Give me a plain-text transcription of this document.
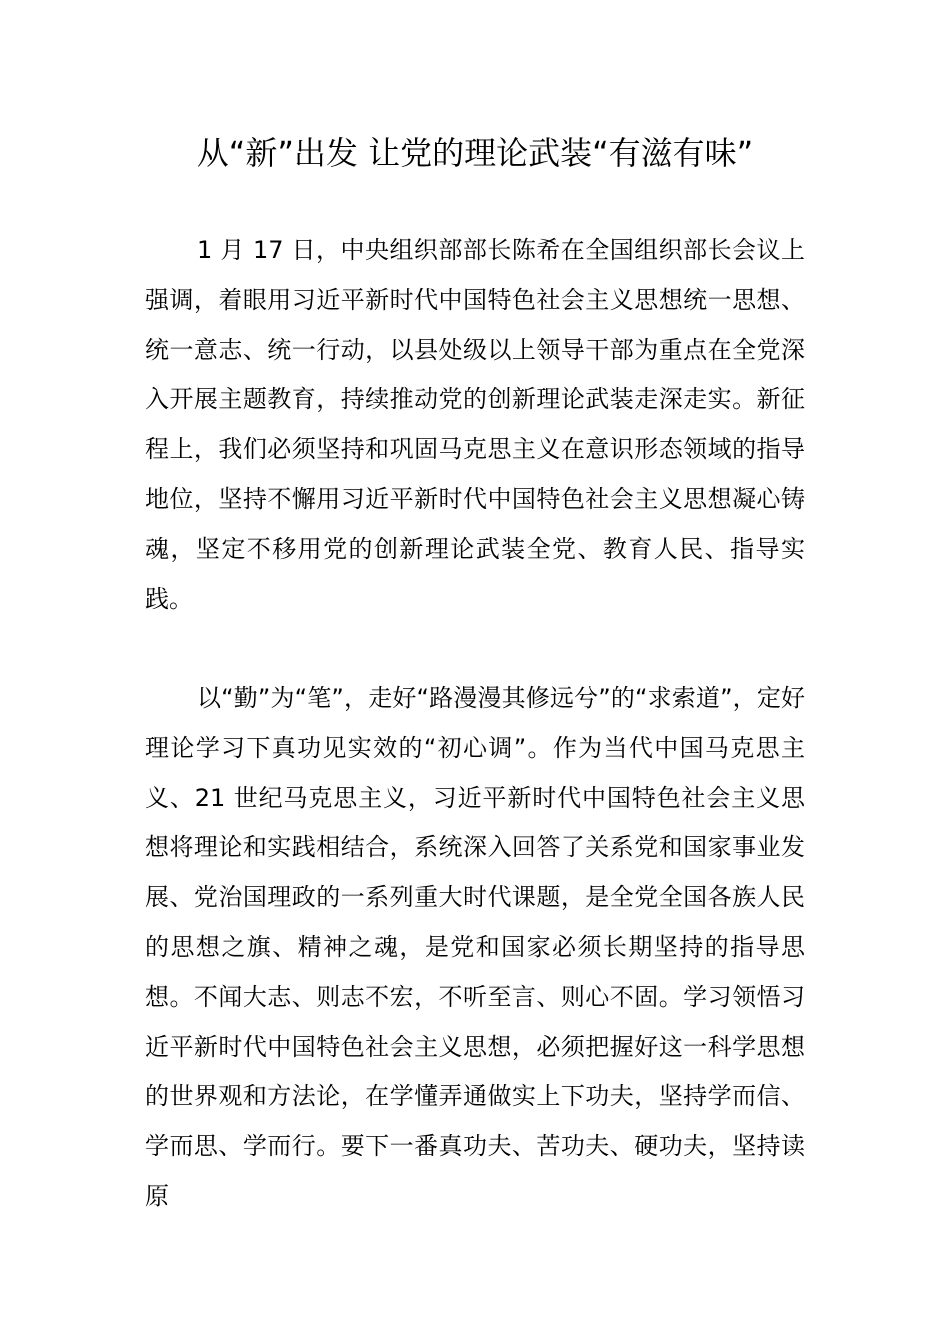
从“新”出发 让党的理论武装“有滋有味”

1 月 17 日，中央组织部部长陈希在全国组织部长会议上强调，着眼用习近平新时代中国特色社会主义思想统一思想、统一意志、统一行动，以县处级以上领导干部为重点在全党深入开展主题教育，持续推动党的创新理论武装走深走实。新征程上，我们必须坚持和巩固马克思主义在意识形态领域的指导地位，坚持不懈用习近平新时代中国特色社会主义思想凝心铸魂，坚定不移用党的创新理论武装全党、教育人民、指导实践。

以“勤”为“笔”，走好“路漫漫其修远兮”的“求索道”，定好理论学习下真功见实效的“初心调”。作为当代中国马克思主义、21 世纪马克思主义，习近平新时代中国特色社会主义思想将理论和实践相结合，系统深入回答了关系党和国家事业发展、党治国理政的一系列重大时代课题，是全党全国各族人民的思想之旗、精神之魂，是党和国家必须长期坚持的指导思想。不闻大志、则志不宏，不听至言、则心不固。学习领悟习近平新时代中国特色社会主义思想，必须把握好这一科学思想的世界观和方法论，在学懂弄通做实上下功夫，坚持学而信、学而思、学而行。要下一番真功夫、苦功夫、硬功夫，坚持读原
